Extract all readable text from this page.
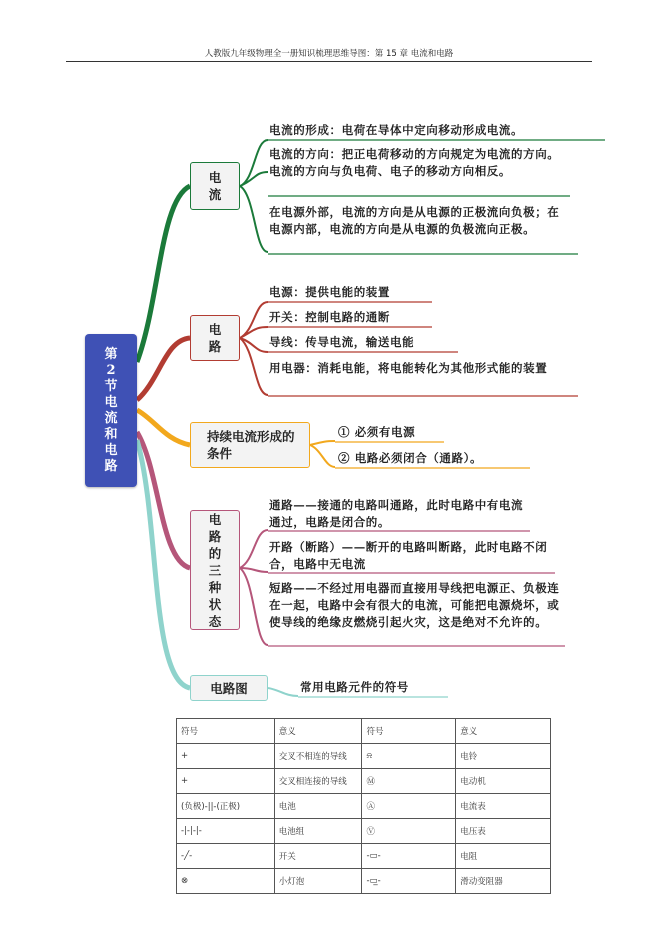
人教版九年级物理全一册知识梳理思维导图：第 15 章 电流和电路
第2节电流和电路
电流
电流的形成：电荷在导体中定向移动形成电流。
电流的方向：把正电荷移动的方向规定为电流的方向。电流的方向与负电荷、电子的移动方向相反。
在电源外部，电流的方向是从电源的正极流向负极；在电源内部，电流的方向是从电源的负极流向正极。
电路
电源：提供电能的装置
开关：控制电路的通断
导线：传导电流，输送电能
用电器：消耗电能，将电能转化为其他形式能的装置
持续电流形成的条件
① 必须有电源
② 电路必须闭合（通路）。
电路的三种状态
通路——接通的电路叫通路，此时电路中有电流通过，电路是闭合的。
开路（断路）——断开的电路叫断路，此时电路不闭合，电路中无电流
短路——不经过用电器而直接用导线把电源正、负极连在一起，电路中会有很大的电流，可能把电源烧坏，或使导线的绝缘皮燃烧引起火灾，这是绝对不允许的。
电路图	常用电路元件的符号
符号	意义	符号	意义
+	交叉不相连的导线	⍾	电铃
+	交叉相连接的导线	Ⓜ	电动机
(负极)-||-(正极)	电池	Ⓐ	电流表
-|-|-|-	电池组	Ⓥ	电压表
-╱-	开关	-▭-	电阻
⊗	小灯泡	-▭̲-	滑动变阻器
